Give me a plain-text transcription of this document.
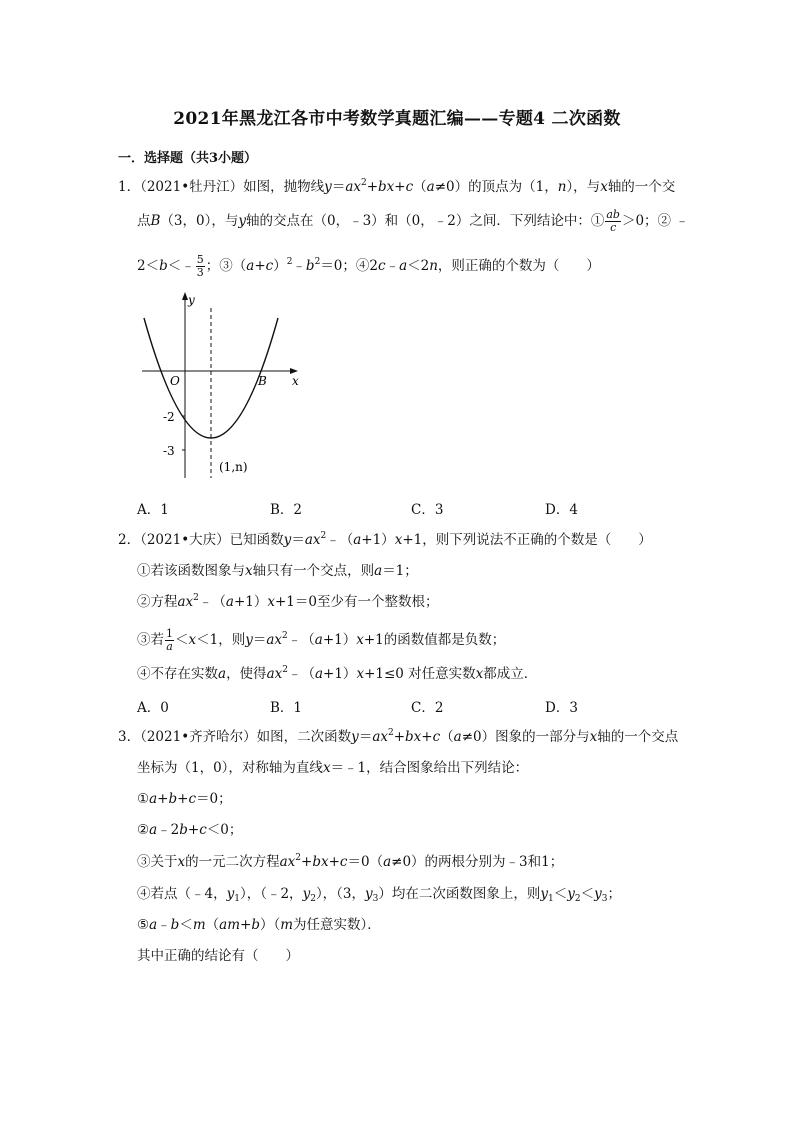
2021年黑龙江各市中考数学真题汇编——专题4 二次函数
一．选择题（共3小题）
1．（2021•牡丹江）如图，抛物线$y=ax^2+bx+c(a\ne 0)$的顶点为（1，n），与x轴的一个交
点B（3，0），与y轴的交点在（0，﹣3）和（0，﹣2）之间．下列结论中：① $\frac{ab}{c} >0$；② ﹣
2＜b＜﹣ $\frac{5}{3}$ ；$③(a+c)^2﹣b^2=0$；④2c﹣a＜2n，则正确的个数为（　　）
y
x
O	B
-2
-3
(1,n)
A．1	B．2	C．3	D．4
2．（2021•大庆）已知函数$y=ax^2﹣(a+1)x+1$，则下列说法不正确的个数是（　　）
①若该函数图象与x轴只有一个交点，则a＝1；
②方程$ax^2﹣(a+1)x+1=0$至少有一个整数根；
③若 $\frac{1}{a} <x<1$，则$y=ax^2﹣(a+1)x+1$的函数值都是负数；
④不存在实数a，使得$ax^2﹣(a+1)x+1\le 0$ 对任意实数x都成立．
A．0	B．1	C．2	D．3
3．（2021•齐齐哈尔）如图，二次函数$y=ax^2+bx+c(a\ne 0)$图象的一部分与x轴的一个交点
坐标为（1，0），对称轴为直线x＝﹣1，结合图象给出下列结论：
①a+b+c＝0；
②a﹣2b+c＜0；
③关于x的一元二次方程$ax^2+bx+c=0(a\ne 0)$的两根分别为﹣3和1；
④若点（﹣4，$y_1$），（﹣2，$y_2$），（3，$y_3$）均在二次函数图象上，则$y_1<y_2<y_3$；
⑤a﹣b＜m（am+b）（m为任意实数）．
其中正确的结论有（　　）
